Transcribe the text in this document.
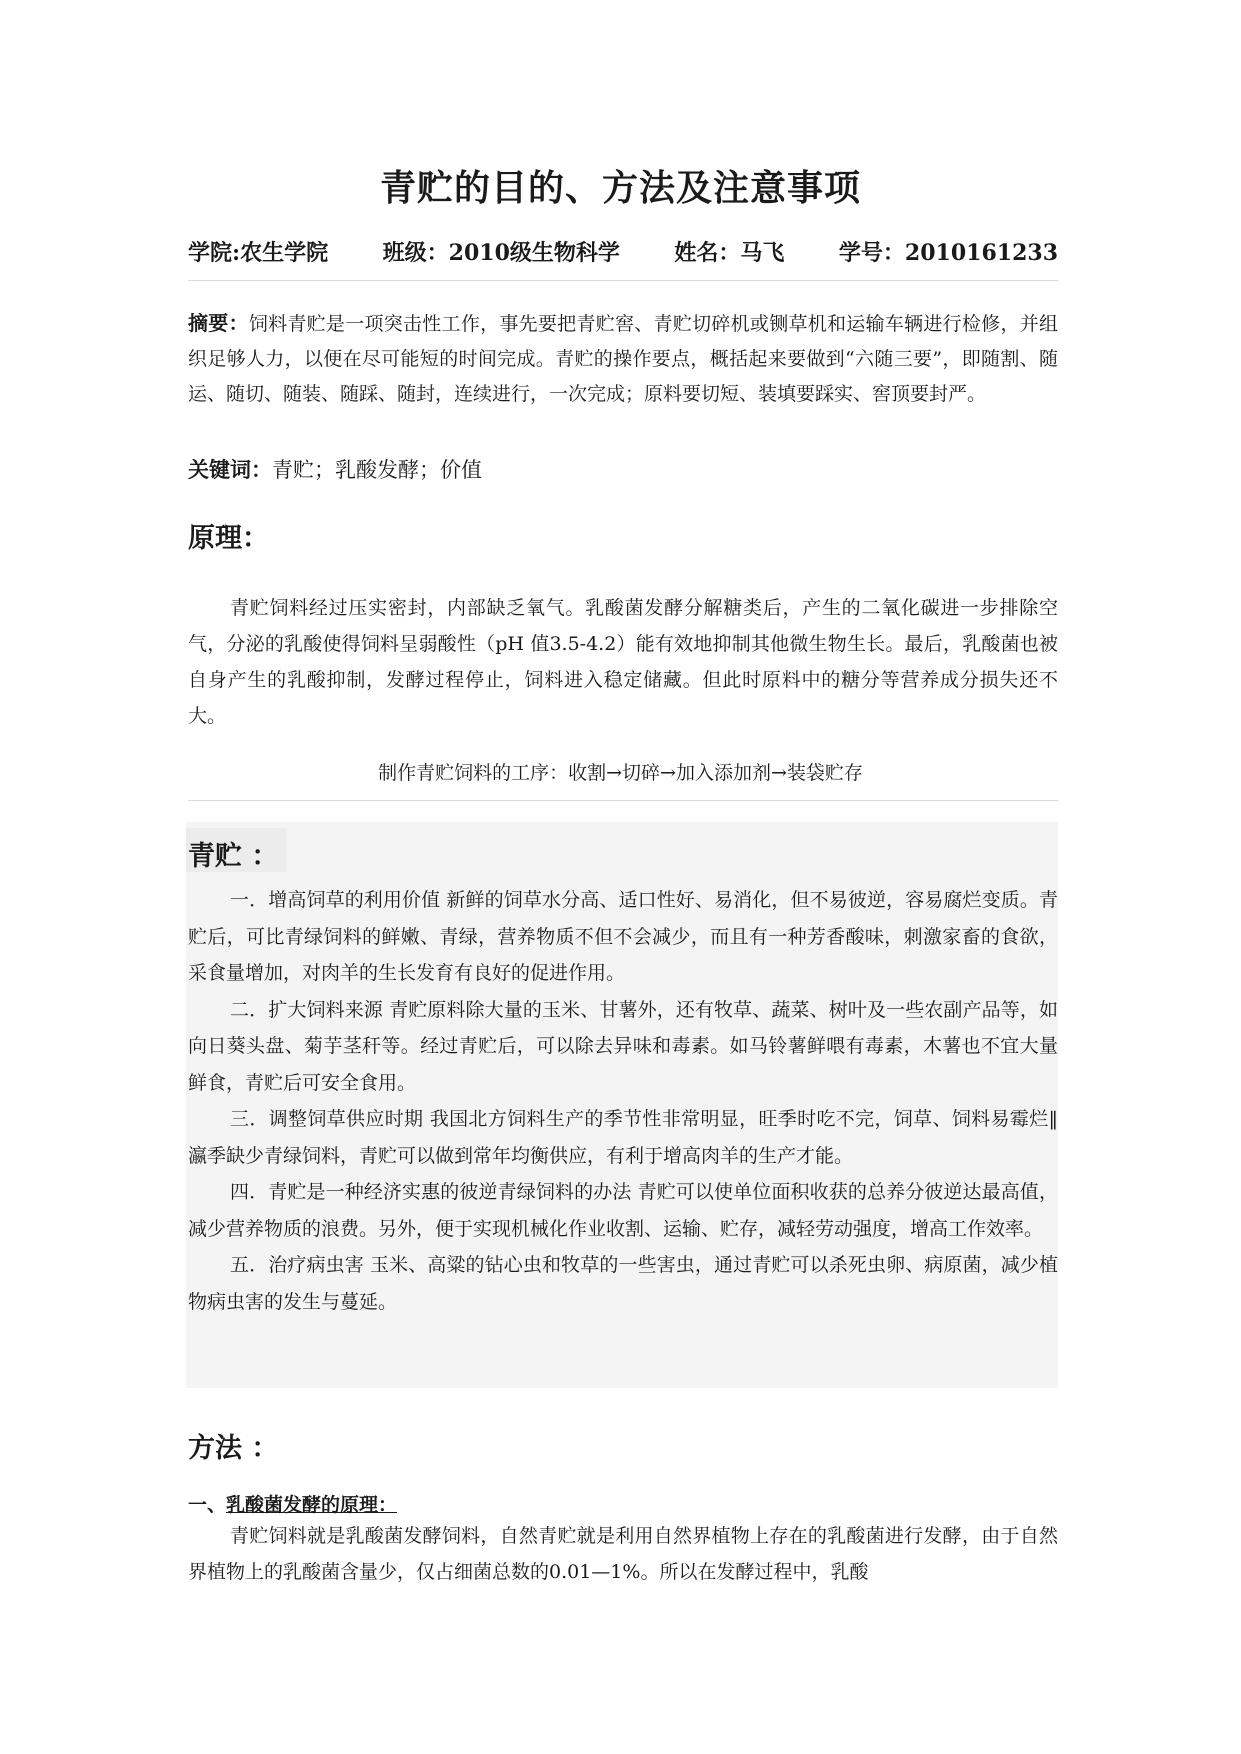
青贮的目的、方法及注意事项
学院:农生学院 班级：2010级生物科学 姓名：马飞 学号：2010161233
摘要：饲料青贮是一项突击性工作，事先要把青贮窖、青贮切碎机或铡草机和运输车辆进行检修，并组织足够人力，以便在尽可能短的时间完成。青贮的操作要点，概括起来要做到“六随三要”，即随割、随运、随切、随装、随踩、随封，连续进行，一次完成；原料要切短、装填要踩实、窖顶要封严。
关键词：青贮；乳酸发酵；价值
原理：

青贮饲料经过压实密封，内部缺乏氧气。乳酸菌发酵分解糖类后，产生的二氧化碳进一步排除空气，分泌的乳酸使得饲料呈弱酸性（pH 值3.5-4.2）能有效地抑制其他微生物生长。最后，乳酸菌也被自身产生的乳酸抑制，发酵过程停止，饲料进入稳定储藏。但此时原料中的糖分等营养成分损失还不大。

制作青贮饲料的工序：收割→切碎→加入添加剂→装袋贮存
青贮 ：

一．增高饲草的利用价值 新鲜的饲草水分高、适口性好、易消化，但不易彼逆，容易腐烂变质。青贮后，可比青绿饲料的鲜嫩、青绿，营养物质不但不会减少，而且有一种芳香酸味，刺激家畜的食欲，采食量增加，对肉羊的生长发育有良好的促进作用。

二．扩大饲料来源 青贮原料除大量的玉米、甘薯外，还有牧草、蔬菜、树叶及一些农副产品等，如向日葵头盘、菊芋茎秆等。经过青贮后，可以除去异味和毒素。如马铃薯鲜喂有毒素，木薯也不宜大量鲜食，青贮后可安全食用。

三．调整饲草供应时期 我国北方饲料生产的季节性非常明显，旺季时吃不完，饲草、饲料易霉烂‖瀛季缺少青绿饲料，青贮可以做到常年均衡供应，有利于增高肉羊的生产才能。

四．青贮是一种经济实惠的彼逆青绿饲料的办法 青贮可以使单位面积收获的总养分彼逆达最高值，减少营养物质的浪费。另外，便于实现机械化作业收割、运输、贮存，减轻劳动强度，增高工作效率。

五．治疗病虫害 玉米、高粱的钻心虫和牧草的一些害虫，通过青贮可以杀死虫卵、病原菌，减少植物病虫害的发生与蔓延。

方法 ：
一、乳酸菌发酵的原理：

青贮饲料就是乳酸菌发酵饲料，自然青贮就是利用自然界植物上存在的乳酸菌进行发酵，由于自然界植物上的乳酸菌含量少，仅占细菌总数的0.01—1%。所以在发酵过程中，乳酸
